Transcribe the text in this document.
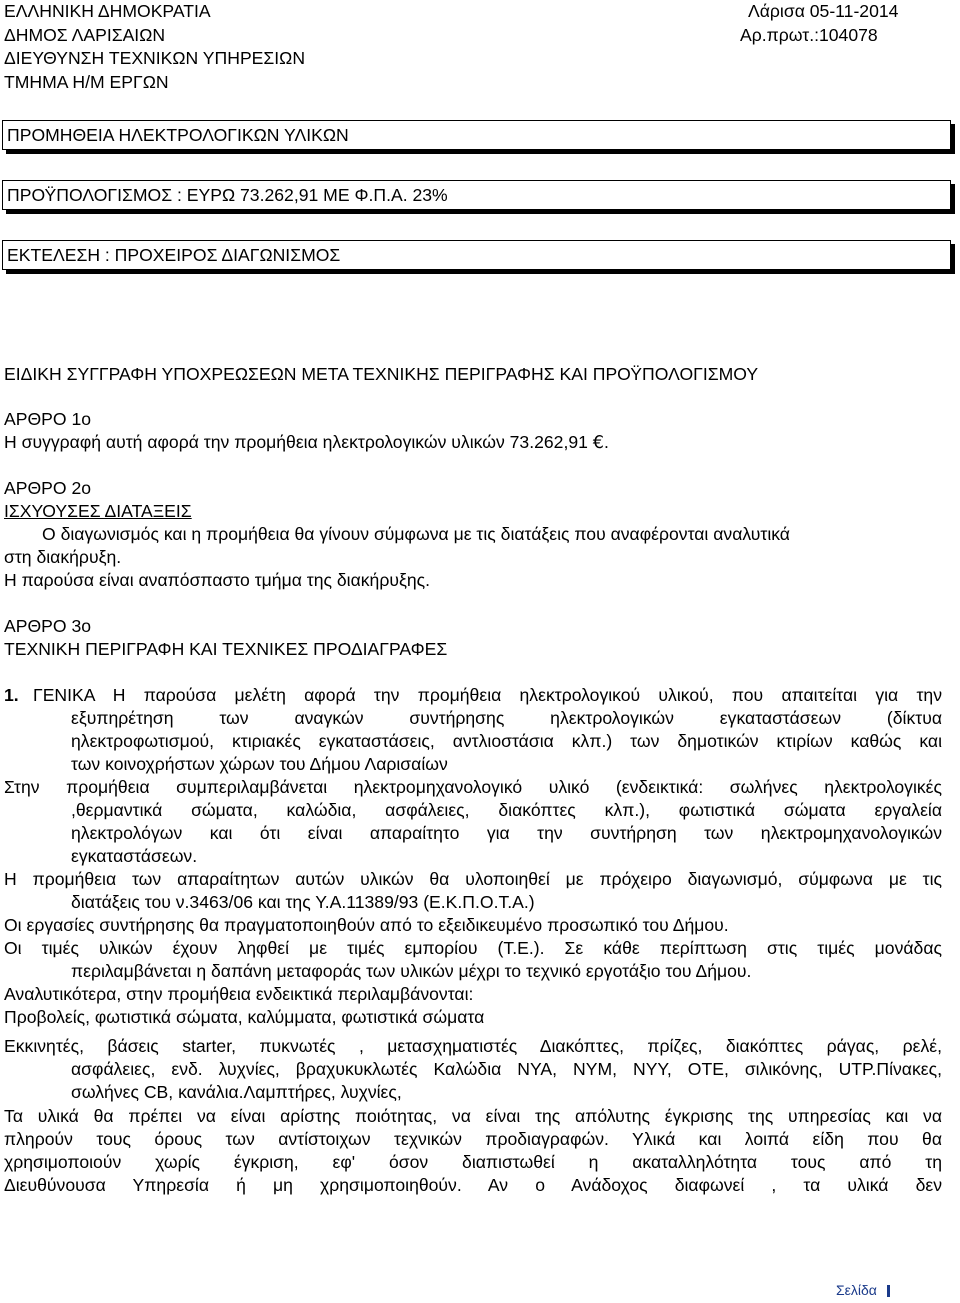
ΕΛΛΗΝΙΚΗ ΔΗΜΟΚΡΑΤΙΑ
ΔΗΜΟΣ ΛΑΡΙΣΑΙΩΝ
ΔΙΕΥΘΥΝΣΗ ΤΕΧΝΙΚΩΝ ΥΠΗΡΕΣΙΩΝ
ΤΜΗΜΑ Η/Μ ΕΡΓΩΝ
Λάρισα 05-11-2014
Αρ.πρωτ.:104078
ΠΡΟΜΗΘΕΙΑ ΗΛΕΚΤΡΟΛΟΓΙΚΩΝ ΥΛΙΚΩΝ
ΠΡΟΫΠΟΛΟΓΙΣΜΟΣ : ΕΥΡΩ 73.262,91 ΜΕ Φ.Π.Α. 23%
ΕΚΤΕΛΕΣΗ : ΠΡΟΧΕΙΡΟΣ ΔΙΑΓΩΝΙΣΜΟΣ
ΕΙΔΙΚΗ ΣΥΓΓΡΑΦΗ ΥΠΟΧΡΕΩΣΕΩΝ ΜΕΤΑ ΤΕΧΝΙΚΗΣ ΠΕΡΙΓΡΑΦΗΣ ΚΑΙ ΠΡΟΫΠΟΛΟΓΙΣΜΟΥ
ΑΡΘΡΟ 1ο
Η συγγραφή αυτή αφορά την προμήθεια ηλεκτρολογικών υλικών 73.262,91 €.
ΑΡΘΡΟ 2ο
ΙΣΧΥΟΥΣΕΣ ΔΙΑΤΑΞΕΙΣ
Ο διαγωνισμός και η προμήθεια θα γίνουν σύμφωνα με τις διατάξεις που αναφέρονται αναλυτικά
στη διακήρυξη.
Η παρούσα είναι αναπόσπαστο τμήμα της διακήρυξης.
ΑΡΘΡΟ 3ο
ΤΕΧΝΙΚΗ ΠΕΡΙΓΡΑΦΗ ΚΑΙ ΤΕΧΝΙΚΕΣ ΠΡΟΔΙΑΓΡΑΦΕΣ
1. ΓΕΝΙΚΑ Η παρούσα μελέτη αφορά την προμήθεια ηλεκτρολογικού υλικού, που απαιτείται για την
εξυπηρέτηση των αναγκών συντήρησης ηλεκτρολογικών εγκαταστάσεων (δίκτυα
ηλεκτροφωτισμού, κτιριακές εγκαταστάσεις, αντλιοστάσια κλπ.) των δημοτικών κτιρίων καθώς και
των κοινοχρήστων χώρων του Δήμου Λαρισαίων
Στην προμήθεια συμπεριλαμβάνεται ηλεκτρομηχανολογικό υλικό (ενδεικτικά: σωλήνες ηλεκτρολογικές
,θερμαντικά σώματα, καλώδια, ασφάλειες, διακόπτες κλπ.), φωτιστικά σώματα εργαλεία
ηλεκτρολόγων και ότι είναι απαραίτητο για την συντήρηση των ηλεκτρομηχανολογικών
εγκαταστάσεων.
Η προμήθεια των απαραίτητων αυτών υλικών θα υλοποιηθεί με πρόχειρο διαγωνισμό, σύμφωνα με τις
διατάξεις του ν.3463/06 και της Υ.Α.11389/93 (Ε.Κ.Π.Ο.Τ.Α.)
Οι εργασίες συντήρησης θα πραγματοποιηθούν από το εξειδικευμένο προσωπικό του Δήμου.
Οι τιμές υλικών έχουν ληφθεί με τιμές εμπορίου (Τ.Ε.). Σε κάθε περίπτωση στις τιμές μονάδας
περιλαμβάνεται η δαπάνη μεταφοράς των υλικών μέχρι το τεχνικό εργοτάξιο του Δήμου.
Αναλυτικότερα, στην προμήθεια ενδεικτικά περιλαμβάνονται:
Προβολείς, φωτιστικά σώματα, καλύμματα, φωτιστικά σώματα
Εκκινητές, βάσεις starter, πυκνωτές , μετασχηματιστές Διακόπτες, πρίζες, διακόπτες ράγας, ρελέ,
ασφάλειες, ενδ. λυχνίες, βραχυκυκλωτές Καλώδια NYA, NYM, NYY, OTE, σιλικόνης, UTP.Πίνακες,
σωλήνες CB, κανάλια.Λαμπτήρες, λυχνίες,
Τα υλικά θα πρέπει να είναι αρίστης ποιότητας, να είναι της απόλυτης έγκρισης της υπηρεσίας και να
πληρούν τους όρους των αντίστοιχων τεχνικών προδιαγραφών. Υλικά και λοιπά είδη που θα
χρησιμοποιούν χωρίς έγκριση, εφ' όσον διαπιστωθεί η ακαταλληλότητα τους από τη
Διευθύνουσα Υπηρεσία ή μη χρησιμοποιηθούν. Αν ο Ανάδοχος διαφωνεί , τα υλικά δεν
Σελίδα
